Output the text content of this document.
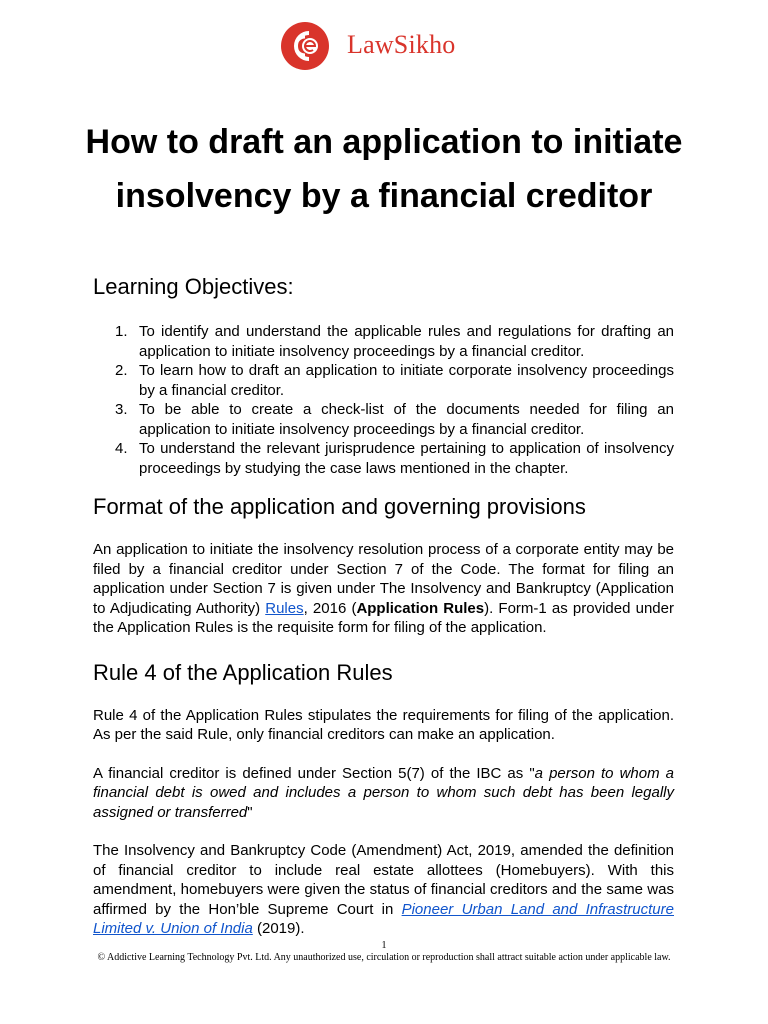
LawSikho
How to draft an application to initiate insolvency by a financial creditor
Learning Objectives:
1. To identify and understand the applicable rules and regulations for drafting an application to initiate insolvency proceedings by a financial creditor.
2. To learn how to draft an application to initiate corporate insolvency proceedings by a financial creditor.
3. To be able to create a check-list of the documents needed for filing an application to initiate insolvency proceedings by a financial creditor.
4. To understand the relevant jurisprudence pertaining to application of insolvency proceedings by studying the case laws mentioned in the chapter.
Format of the application and governing provisions

An application to initiate the insolvency resolution process of a corporate entity may be filed by a financial creditor under Section 7 of the Code. The format for filing an application under Section 7 is given under The Insolvency and Bankruptcy (Application to Adjudicating Authority) Rules, 2016 (Application Rules). Form-1 as provided under the Application Rules is the requisite form for filing of the application.

Rule 4 of the Application Rules

Rule 4 of the Application Rules stipulates the requirements for filing of the application. As per the said Rule, only financial creditors can make an application.

A financial creditor is defined under Section 5(7) of the IBC as "a person to whom a financial debt is owed and includes a person to whom such debt has been legally assigned or transferred"

The Insolvency and Bankruptcy Code (Amendment) Act, 2019, amended the definition of financial creditor to include real estate allottees (Homebuyers). With this amendment, homebuyers were given the status of financial creditors and the same was affirmed by the Hon’ble Supreme Court in Pioneer Urban Land and Infrastructure Limited v. Union of India (2019).

1
© Addictive Learning Technology Pvt. Ltd. Any unauthorized use, circulation or reproduction shall attract suitable action under applicable law.
